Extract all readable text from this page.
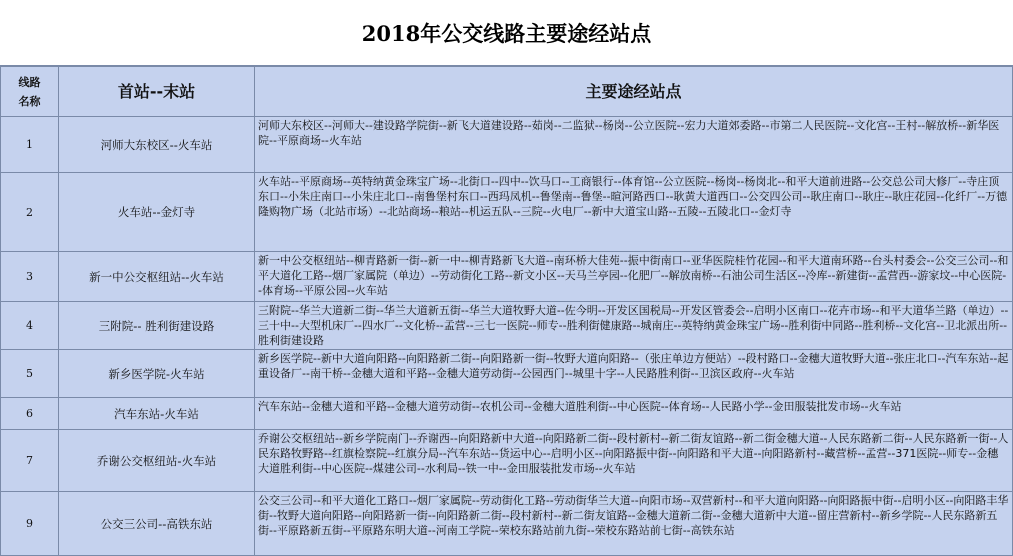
2018年公交线路主要途经站点
线路
名称	首站--末站	主要途经站点
1	河师大东校区--火车站	河师大东校区--河师大--建设路学院街--新飞大道建设路--茹岗--二监狱--杨岗--公立医院--宏力大道郊委路--市第二人民医院--文化宫--王村--解放桥--新华医院--平原商场--火车站
2	火车站--金灯寺	火车站--平原商场--英特纳黄金珠宝广场--北街口--四中--饮马口--工商银行--体育馆--公立医院--杨岗--杨岗北--和平大道前进路--公交总公司大修厂--寺庄顶东口--小朱庄南口--小朱庄北口--南鲁堡村东口--西玛凤机--鲁堡南--鲁堡--暄河路西口--耿黄大道西口--公交四公司--耿庄南口--耿庄--耿庄花园--化纤厂--万德隆购物广场（北站市场）--北站商场--粮站--机运五队--三院--火电厂--新中大道宝山路--五陵--五陵北口--金灯寺
3	新一中公交枢纽站--火车站	新一中公交枢纽站--柳青路新一街--新一中--柳青路新飞大道--南环桥大佳苑--振中街南口--亚华医院桂竹花园--和平大道南环路--台头村委会--公交三公司--和平大道化工路--烟厂家属院（单边）--劳动街化工路--新文小区--天马兰亭园--化肥厂--解放南桥--石油公司生活区--冷库--新建街--孟营西--游家坟--中心医院--体育场--平原公园--火车站
4	三附院-- 胜利街建设路	三附院--华兰大道新二街--华兰大道新五街--华兰大道牧野大道--佐今明--开发区国税局--开发区管委会--启明小区南口--花卉市场--和平大道华兰路（单边）--三十中--大型机床厂--四水厂--文化桥--孟营--三七一医院--师专--胜利街健康路--城南庄--英特纳黄金珠宝广场--胜利街中同路--胜利桥--文化宫--卫北派出所--胜利街建设路
5	新乡医学院-火车站	新乡医学院--新中大道向阳路--向阳路新二街--向阳路新一街--牧野大道向阳路--（张庄单边方便站）--段村路口--金穗大道牧野大道--张庄北口--汽车东站--起重设备厂--南干桥--金穗大道和平路--金穗大道劳动街--公园西门--城里十字--人民路胜利街--卫滨区政府--火车站
6	汽车东站-火车站	汽车东站--金穗大道和平路--金穗大道劳动街--农机公司--金穗大道胜利街--中心医院--体育场--人民路小学--金田服装批发市场--火车站
7	乔谢公交枢纽站-火车站	乔谢公交枢纽站--新乡学院南门--乔谢西--向阳路新中大道--向阳路新二街--段村新村--新二街友谊路--新二街金穗大道--人民东路新二街--人民东路新一街--人民东路牧野路--红旗检察院--红旗分局--汽车东站--货运中心--启明小区--向阳路振中街--向阳路和平大道--向阳路新村--藏营桥--孟营--371医院--师专--金穗大道胜利街--中心医院--煤建公司--水利局--铁一中--金田服装批发市场--火车站
9	公交三公司--高铁东站	公交三公司--和平大道化工路口--烟厂家属院--劳动街化工路--劳动街华兰大道--向阳市场--双营新村--和平大道向阳路--向阳路振中街--启明小区--向阳路丰华街--牧野大道向阳路--向阳路新一街--向阳路新二街--段村新村--新二街友谊路--金穗大道新二街--金穗大道新中大道--留庄营新村--新乡学院--人民东路新五街--平原路新五街--平原路东明大道--河南工学院--荣校东路站前九街--荣校东路站前七街--高铁东站
